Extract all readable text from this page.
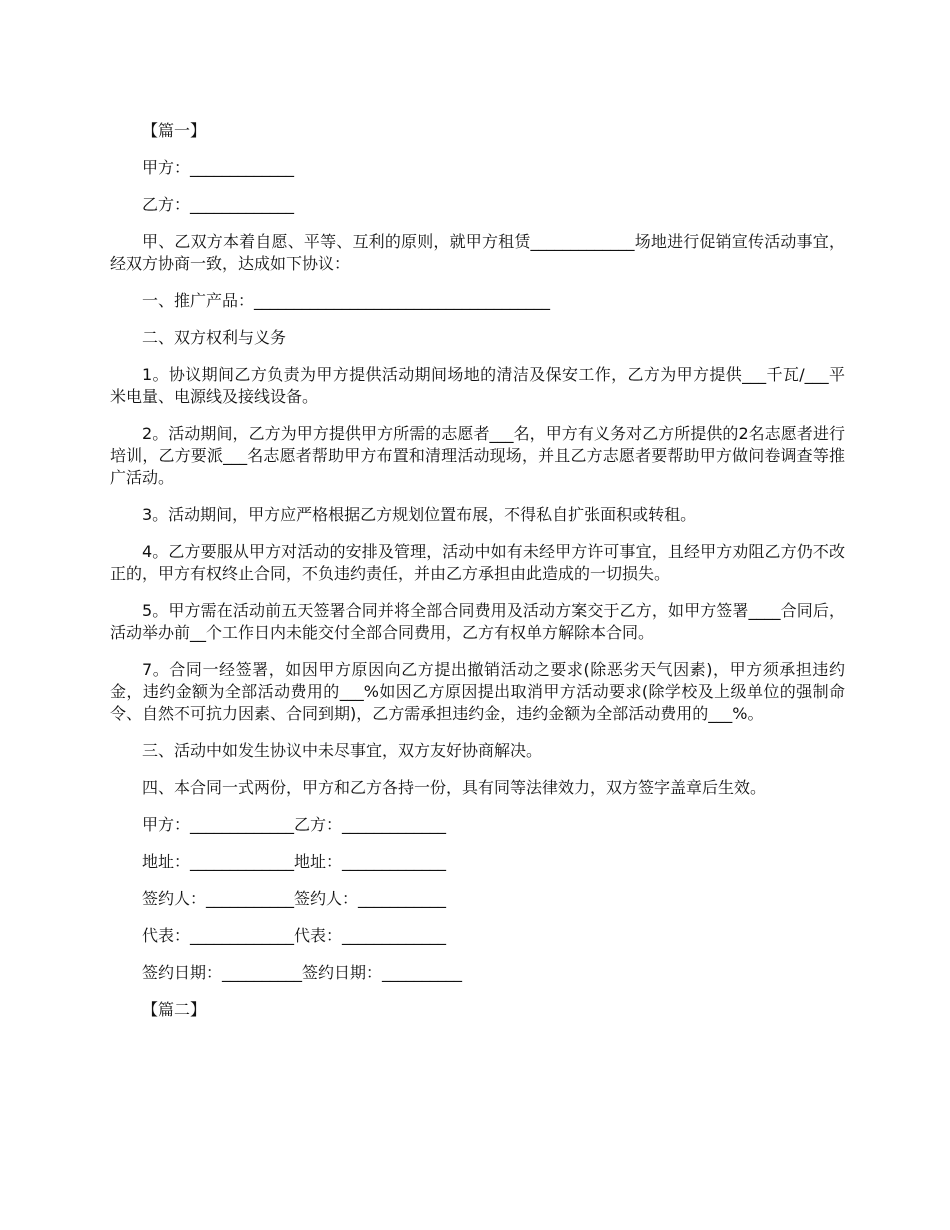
【篇一】

甲方：_____________

乙方：_____________

甲、乙双方本着自愿、平等、互利的原则，就甲方租赁_____________场地进行促销宣传活动事宜，经双方协商一致，达成如下协议：

一、推广产品：_____________________________________

二、双方权利与义务

1。协议期间乙方负责为甲方提供活动期间场地的清洁及保安工作，乙方为甲方提供___千瓦/___平米电量、电源线及接线设备。

2。活动期间，乙方为甲方提供甲方所需的志愿者___名，甲方有义务对乙方所提供的2名志愿者进行培训，乙方要派___名志愿者帮助甲方布置和清理活动现场，并且乙方志愿者要帮助甲方做问卷调查等推广活动。

3。活动期间，甲方应严格根据乙方规划位置布展，不得私自扩张面积或转租。

4。乙方要服从甲方对活动的安排及管理，活动中如有未经甲方许可事宜，且经甲方劝阻乙方仍不改正的，甲方有权终止合同，不负违约责任，并由乙方承担由此造成的一切损失。

5。甲方需在活动前五天签署合同并将全部合同费用及活动方案交于乙方，如甲方签署____合同后，活动举办前__个工作日内未能交付全部合同费用，乙方有权单方解除本合同。

7。合同一经签署，如因甲方原因向乙方提出撤销活动之要求(除恶劣天气因素)，甲方须承担违约金，违约金额为全部活动费用的___%如因乙方原因提出取消甲方活动要求(除学校及上级单位的强制命令、自然不可抗力因素、合同到期)，乙方需承担违约金，违约金额为全部活动费用的___%。

三、活动中如发生协议中未尽事宜，双方友好协商解决。

四、本合同一式两份，甲方和乙方各持一份，具有同等法律效力，双方签字盖章后生效。

甲方：_____________乙方：_____________

地址：_____________地址：_____________

签约人：___________签约人：___________

代表：_____________代表：_____________

签约日期：__________签约日期：__________

【篇二】
